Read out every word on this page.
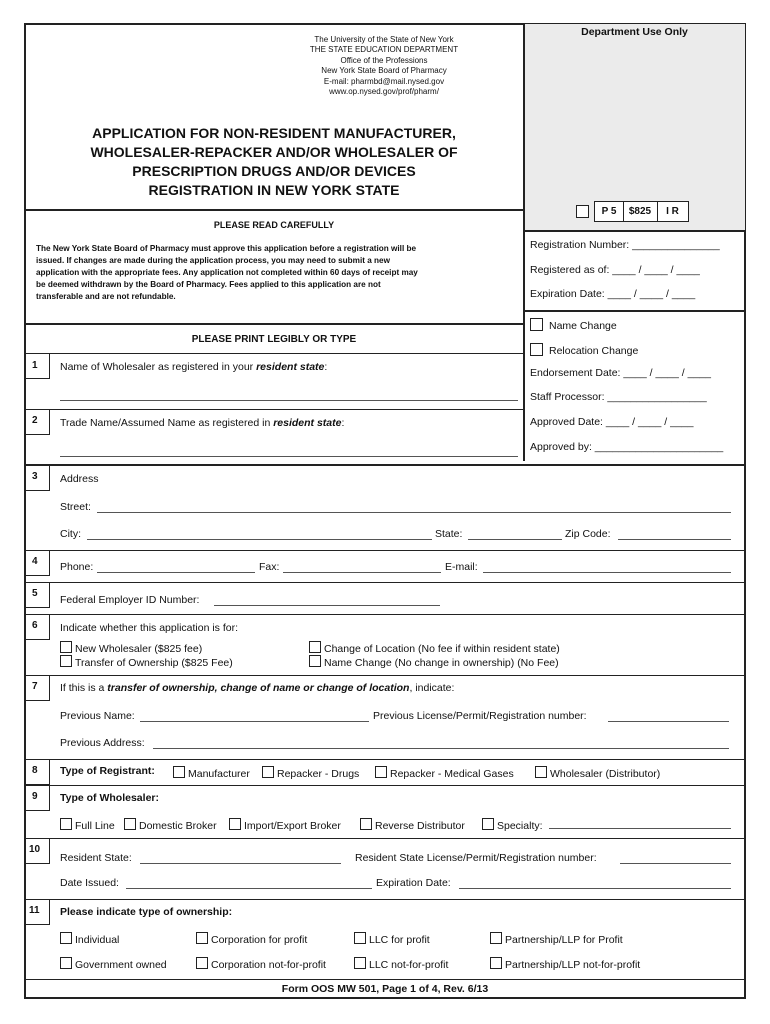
The University of the State of New York
THE STATE EDUCATION DEPARTMENT
Office of the Professions
New York State Board of Pharmacy
E-mail: pharmbd@mail.nysed.gov
www.op.nysed.gov/prof/pharm/
APPLICATION FOR NON-RESIDENT MANUFACTURER,
WHOLESALER-REPACKER AND/OR WHOLESALER OF
PRESCRIPTION DRUGS AND/OR DEVICES
REGISTRATION IN NEW YORK STATE
Department Use Only
P 5	$825	I R
Registration Number: _______________
Registered as of: ____ / ____ / ____
Expiration Date: ____ / ____ / ____
Name Change
Relocation Change
Endorsement Date: ____ / ____ / ____
Staff Processor: _________________
Approved Date: ____ / ____ / ____
Approved by: ______________________
PLEASE READ CAREFULLY
The New York State Board of Pharmacy must approve this application before a registration will be
issued. If changes are made during the application process, you may need to submit a new
application with the appropriate fees. Any application not completed within 60 days of receipt may
be deemed withdrawn by the Board of Pharmacy. Fees applied to this application are not
transferable and are not refundable.
PLEASE PRINT LEGIBLY OR TYPE
1 Name of Wholesaler as registered in your resident state:
2 Trade Name/Assumed Name as registered in resident state:
3 Address
Street:
City:	State:	Zip Code:
4 Phone:	Fax:	E-mail:
5
Federal Employer ID Number:
6 Indicate whether this application is for:
New Wholesaler ($825 fee)
Transfer of Ownership ($825 Fee)
Change of Location (No fee if within resident state)
Name Change (No change in ownership) (No Fee)
7 If this is a transfer of ownership, change of name or change of location, indicate:
Previous Name:	Previous License/Permit/Registration number:
Previous Address:
8 Type of Registrant:	Manufacturer	Repacker - Drugs	Repacker - Medical Gases	Wholesaler (Distributor)
9 Type of Wholesaler:
Full Line	Domestic Broker	Import/Export Broker	Reverse Distributor	Specialty:
10
Resident State:	Resident State License/Permit/Registration number:
Date Issued:	Expiration Date:
11 Please indicate type of ownership:
Individual	Corporation for profit	LLC for profit	Partnership/LLP for Profit
Government owned	Corporation not-for-profit	LLC not-for-profit	Partnership/LLP not-for-profit
Form OOS MW 501, Page 1 of 4, Rev. 6/13
